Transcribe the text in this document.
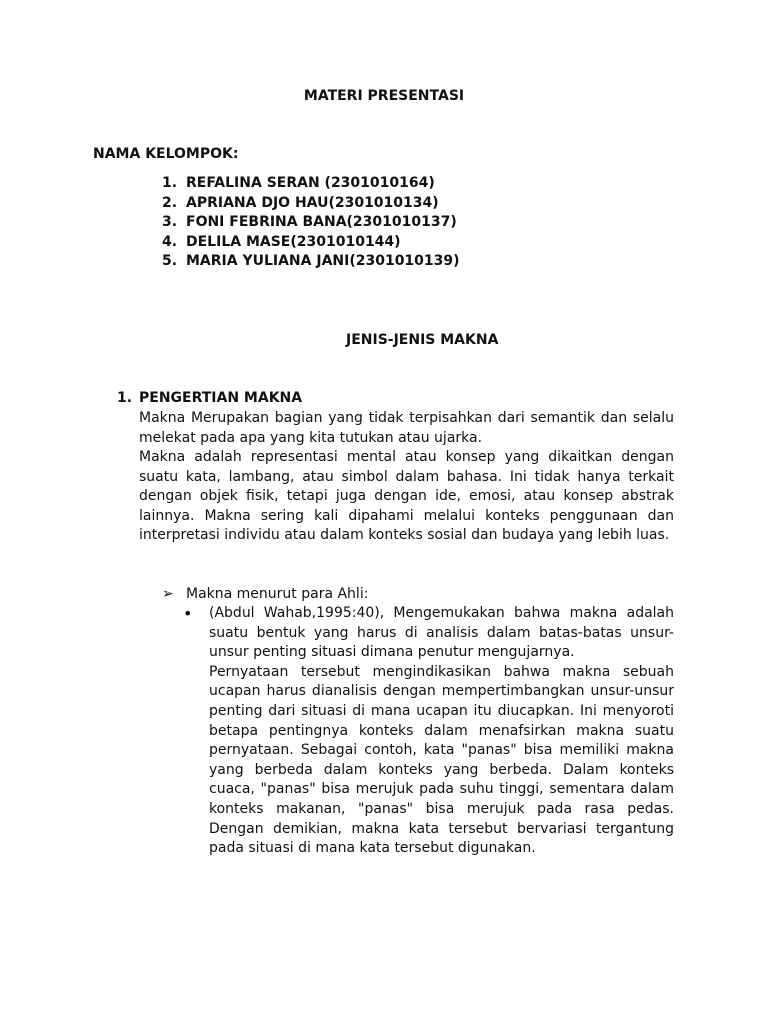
MATERI PRESENTASI
NAMA KELOMPOK:
1. REFALINA SERAN (2301010164)
2. APRIANA DJO HAU(2301010134)
3. FONI FEBRINA BANA(2301010137)
4. DELILA MASE(2301010144)
5. MARIA YULIANA JANI(2301010139)
JENIS-JENIS MAKNA
1. PENGERTIAN MAKNA

Makna Merupakan bagian yang tidak terpisahkan dari semantik dan selalu melekat pada apa yang kita tutukan atau ujarka.

Makna adalah representasi mental atau konsep yang dikaitkan dengan suatu kata, lambang, atau simbol dalam bahasa. Ini tidak hanya terkait dengan objek fisik, tetapi juga dengan ide, emosi, atau konsep abstrak lainnya. Makna sering kali dipahami melalui konteks penggunaan dan interpretasi individu atau dalam konteks sosial dan budaya yang lebih luas.

➢ Makna menurut para Ahli:
• (Abdul Wahab,1995:40), Mengemukakan bahwa makna adalah suatu bentuk yang harus di analisis dalam batas-batas unsur-unsur penting situasi dimana penutur mengujarnya.

Pernyataan tersebut mengindikasikan bahwa makna sebuah ucapan harus dianalisis dengan mempertimbangkan unsur-unsur penting dari situasi di mana ucapan itu diucapkan. Ini menyoroti betapa pentingnya konteks dalam menafsirkan makna suatu pernyataan. Sebagai contoh, kata "panas" bisa memiliki makna yang berbeda dalam konteks yang berbeda. Dalam konteks cuaca, "panas" bisa merujuk pada suhu tinggi, sementara dalam konteks makanan, "panas" bisa merujuk pada rasa pedas. Dengan demikian, makna kata tersebut bervariasi tergantung pada situasi di mana kata tersebut digunakan.
